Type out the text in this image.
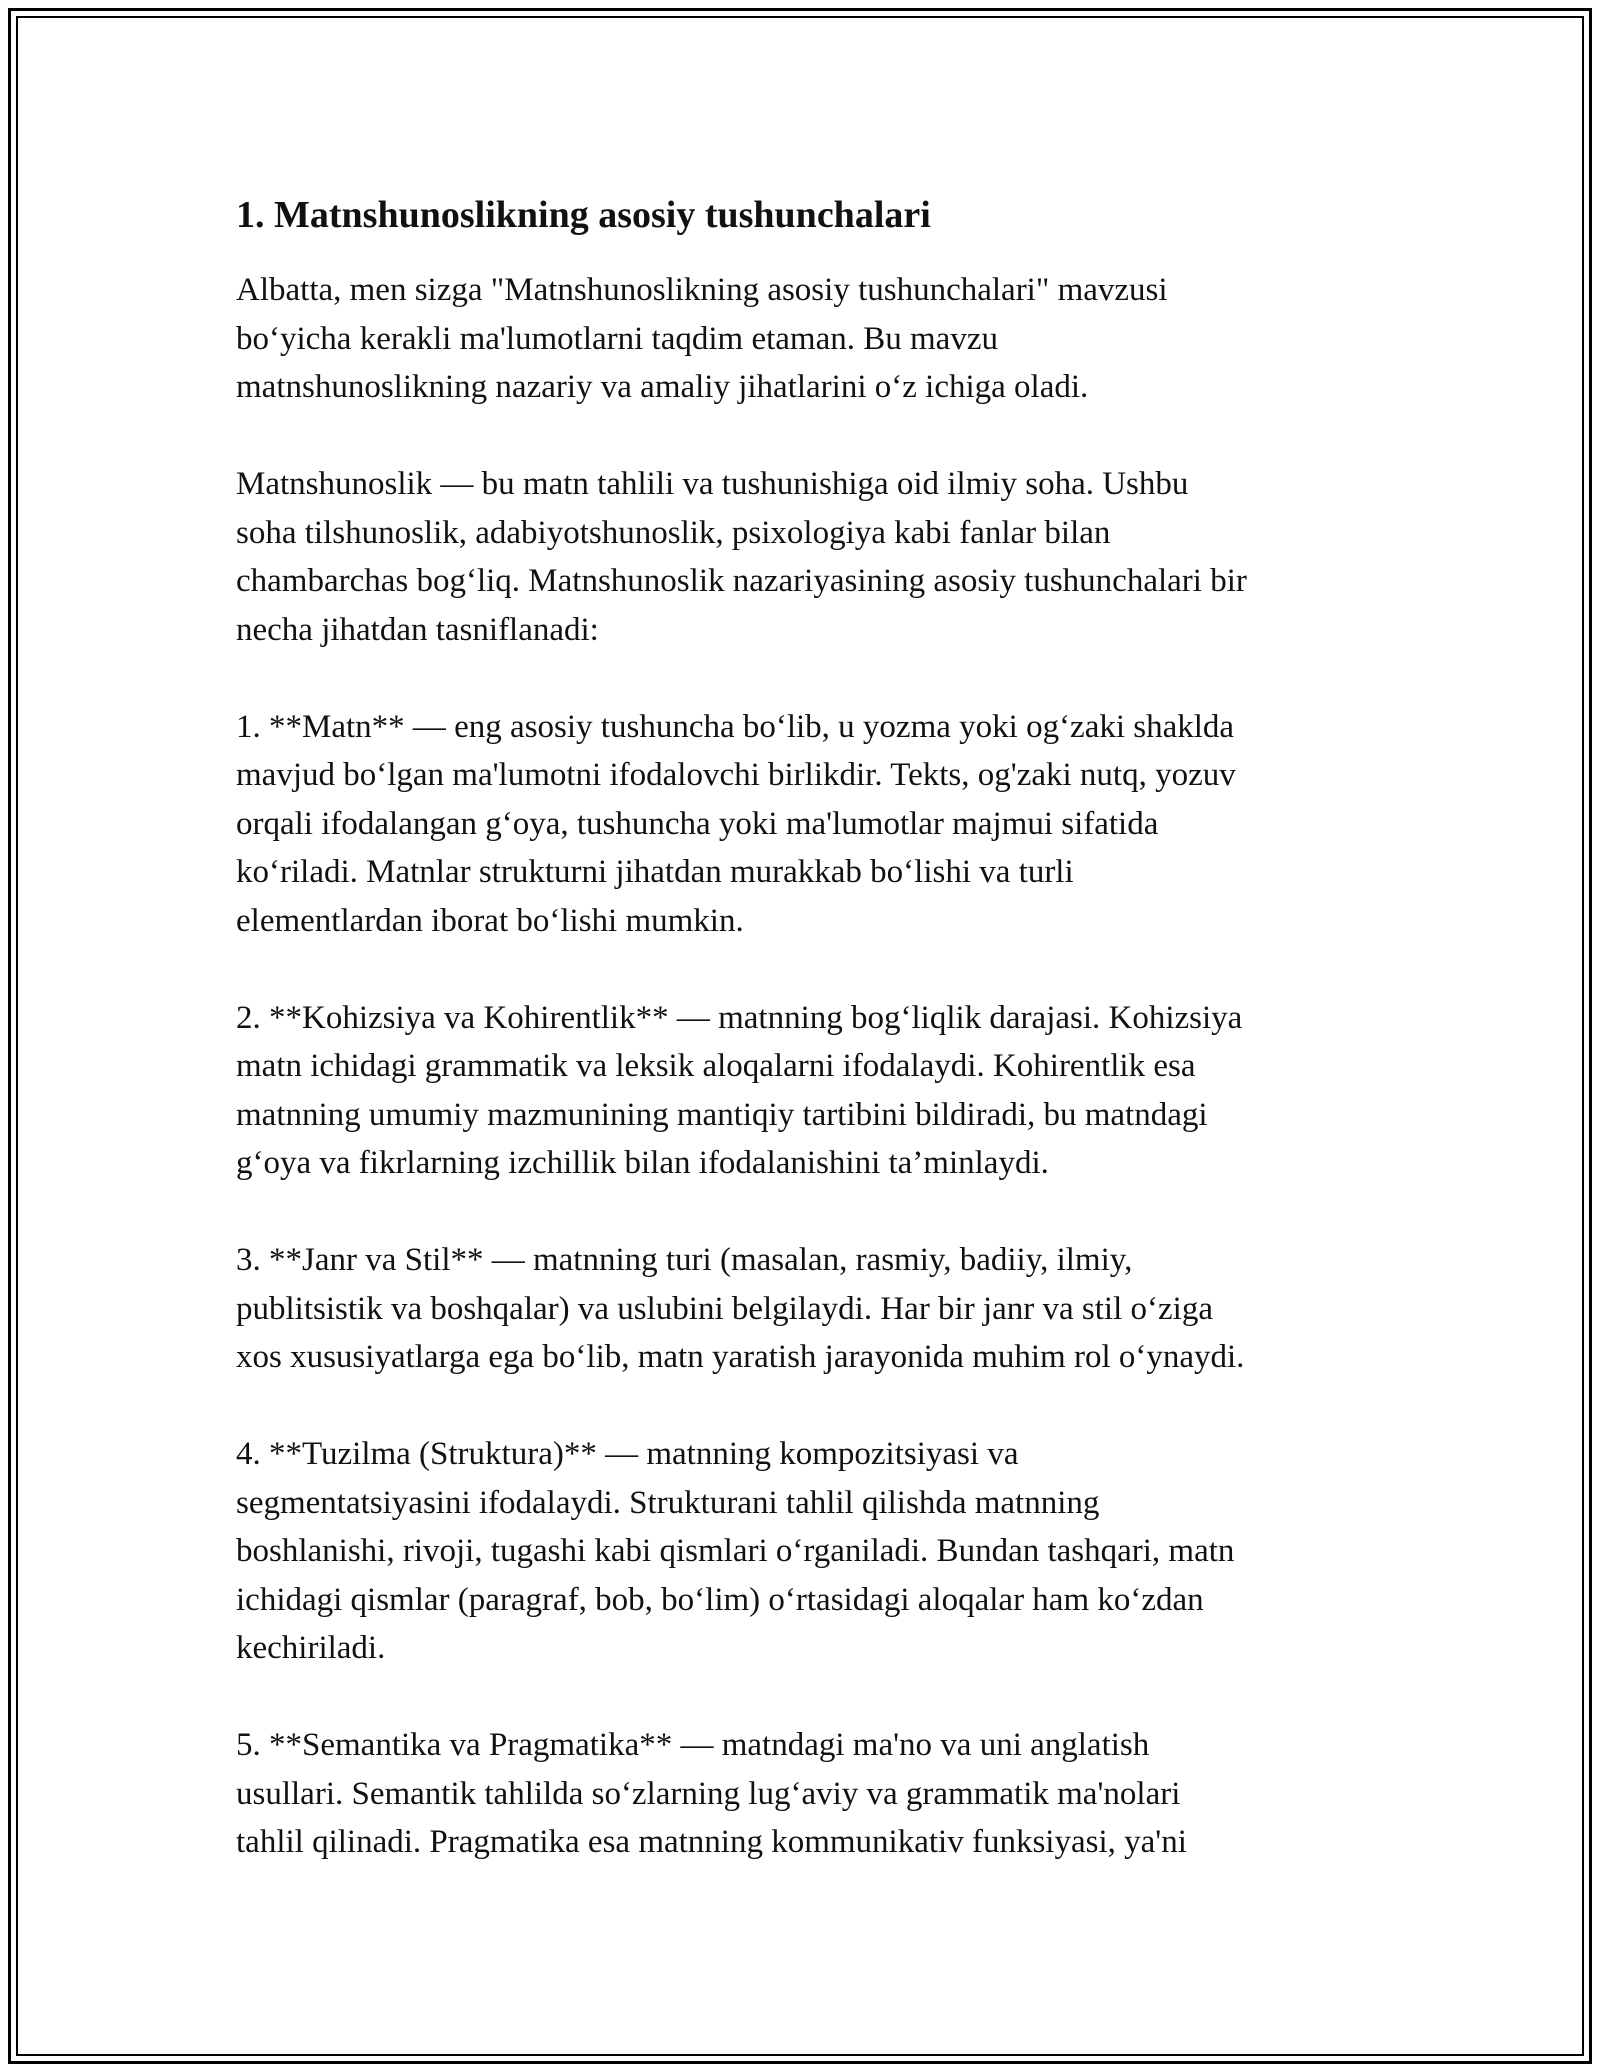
1. Matnshunoslikning asosiy tushunchalari

Albatta, men sizga "Matnshunoslikning asosiy tushunchalari" mavzusi
bo‘yicha kerakli ma'lumotlarni taqdim etaman. Bu mavzu
matnshunoslikning nazariy va amaliy jihatlarini o‘z ichiga oladi.

Matnshunoslik — bu matn tahlili va tushunishiga oid ilmiy soha. Ushbu
soha tilshunoslik, adabiyotshunoslik, psixologiya kabi fanlar bilan
chambarchas bog‘liq. Matnshunoslik nazariyasining asosiy tushunchalari bir
necha jihatdan tasniflanadi:

1. **Matn** — eng asosiy tushuncha bo‘lib, u yozma yoki og‘zaki shaklda
mavjud bo‘lgan ma'lumotni ifodalovchi birlikdir. Tekts, og'zaki nutq, yozuv
orqali ifodalangan g‘oya, tushuncha yoki ma'lumotlar majmui sifatida
ko‘riladi. Matnlar strukturni jihatdan murakkab bo‘lishi va turli
elementlardan iborat bo‘lishi mumkin.

2. **Kohizsiya va Kohirentlik** — matnning bog‘liqlik darajasi. Kohizsiya
matn ichidagi grammatik va leksik aloqalarni ifodalaydi. Kohirentlik esa
matnning umumiy mazmunining mantiqiy tartibini bildiradi, bu matndagi
g‘oya va fikrlarning izchillik bilan ifodalanishini ta’minlaydi.

3. **Janr va Stil** — matnning turi (masalan, rasmiy, badiiy, ilmiy,
publitsistik va boshqalar) va uslubini belgilaydi. Har bir janr va stil o‘ziga
xos xususiyatlarga ega bo‘lib, matn yaratish jarayonida muhim rol o‘ynaydi.

4. **Tuzilma (Struktura)** — matnning kompozitsiyasi va
segmentatsiyasini ifodalaydi. Strukturani tahlil qilishda matnning
boshlanishi, rivoji, tugashi kabi qismlari o‘rganiladi. Bundan tashqari, matn
ichidagi qismlar (paragraf, bob, bo‘lim) o‘rtasidagi aloqalar ham ko‘zdan
kechiriladi.

5. **Semantika va Pragmatika** — matndagi ma'no va uni anglatish
usullari. Semantik tahlilda so‘zlarning lug‘aviy va grammatik ma'nolari
tahlil qilinadi. Pragmatika esa matnning kommunikativ funksiyasi, ya'ni
